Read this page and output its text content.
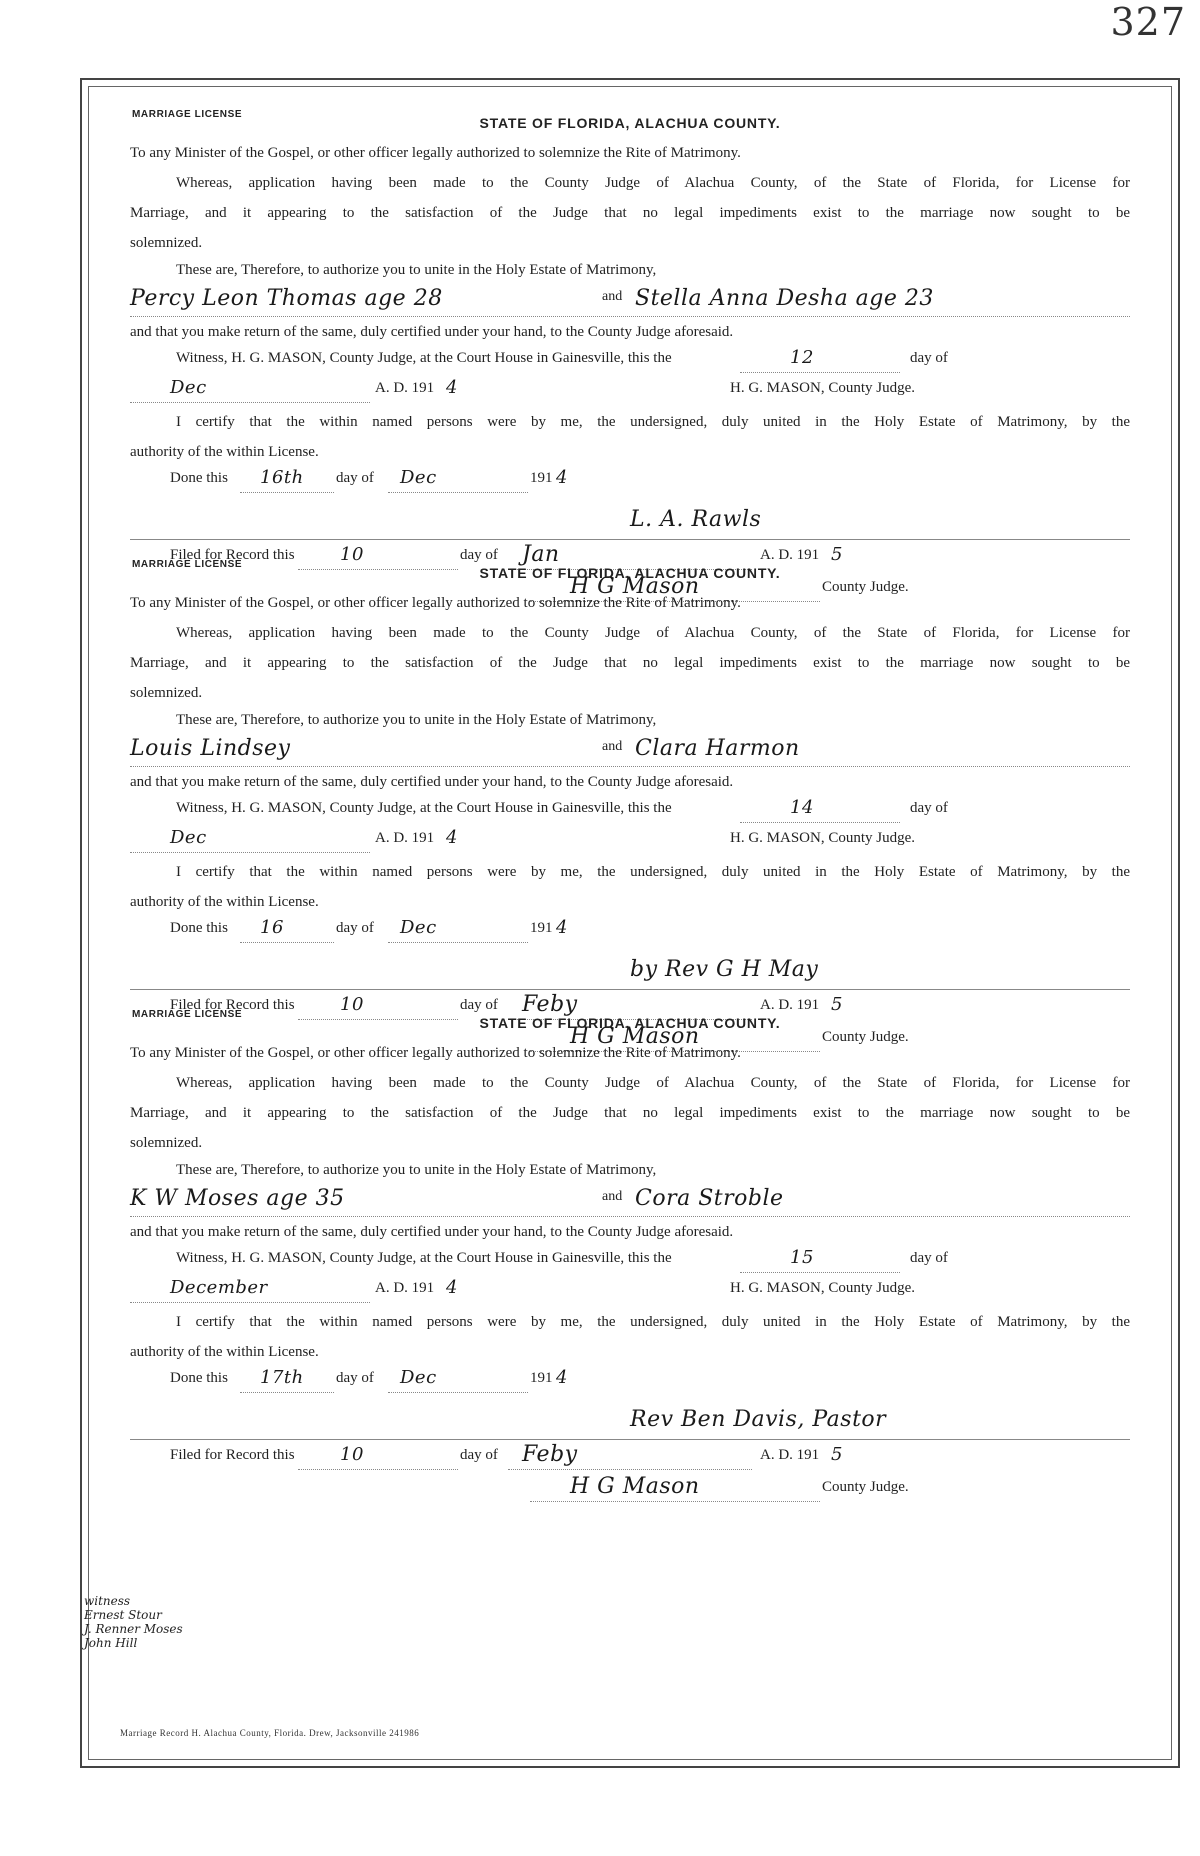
327
MARRIAGE LICENSE

STATE OF FLORIDA, ALACHUA COUNTY.

To any Minister of the Gospel, or other officer legally authorized to solemnize the Rite of Matrimony.

Whereas, application having been made to the County Judge of Alachua County, of the State of Florida, for License for

Marriage, and it appearing to the satisfaction of the Judge that no legal impediments exist to the marriage now sought to be

solemnized.

These are, Therefore, to authorize you to unite in the Holy Estate of Matrimony,

Percy Leon Thomas age 28	and Stella Anna Desha age 23

and that you make return of the same, duly certified under your hand, to the County Judge aforesaid.

Witness, H. G. MASON, County Judge, at the Court House in Gainesville, this the	12	day of
Dec	A. D. 191 4	H. G. MASON, County Judge.

I certify that the within named persons were by me, the undersigned, duly united in the Holy Estate of Matrimony, by the

authority of the within License.

Done this 16th day of Dec	191 4
L. A. Rawls
Filed for Record this	10	day of Jan	A. D. 191 5
H G Mason	County Judge.
MARRIAGE LICENSE

STATE OF FLORIDA, ALACHUA COUNTY.

To any Minister of the Gospel, or other officer legally authorized to solemnize the Rite of Matrimony.

Whereas, application having been made to the County Judge of Alachua County, of the State of Florida, for License for

Marriage, and it appearing to the satisfaction of the Judge that no legal impediments exist to the marriage now sought to be

solemnized.

These are, Therefore, to authorize you to unite in the Holy Estate of Matrimony,

Louis Lindsey	and Clara Harmon

and that you make return of the same, duly certified under your hand, to the County Judge aforesaid.

Witness, H. G. MASON, County Judge, at the Court House in Gainesville, this the	14	day of
Dec	A. D. 191 4	H. G. MASON, County Judge.

I certify that the within named persons were by me, the undersigned, duly united in the Holy Estate of Matrimony, by the

authority of the within License.

Done this 16	day of Dec	191 4
by Rev G H May
Filed for Record this	10	day of Feby	A. D. 191 5
H G Mason	County Judge.
MARRIAGE LICENSE

STATE OF FLORIDA, ALACHUA COUNTY.

To any Minister of the Gospel, or other officer legally authorized to solemnize the Rite of Matrimony.

Whereas, application having been made to the County Judge of Alachua County, of the State of Florida, for License for

Marriage, and it appearing to the satisfaction of the Judge that no legal impediments exist to the marriage now sought to be

solemnized.

These are, Therefore, to authorize you to unite in the Holy Estate of Matrimony,

K W Moses age 35	and Cora Stroble

and that you make return of the same, duly certified under your hand, to the County Judge aforesaid.

Witness, H. G. MASON, County Judge, at the Court House in Gainesville, this the	15	day of
December	A. D. 191 4	H. G. MASON, County Judge.

I certify that the within named persons were by me, the undersigned, duly united in the Holy Estate of Matrimony, by the

authority of the within License.

Done this 17th day of Dec	191 4
Rev Ben Davis, Pastor
Filed for Record this	10	day of Feby	A. D. 191 5
H G Mason	County Judge.
witness
Ernest Stour
J. Renner Moses
John Hill
Marriage Record H. Alachua County, Florida. Drew, Jacksonville 241986
